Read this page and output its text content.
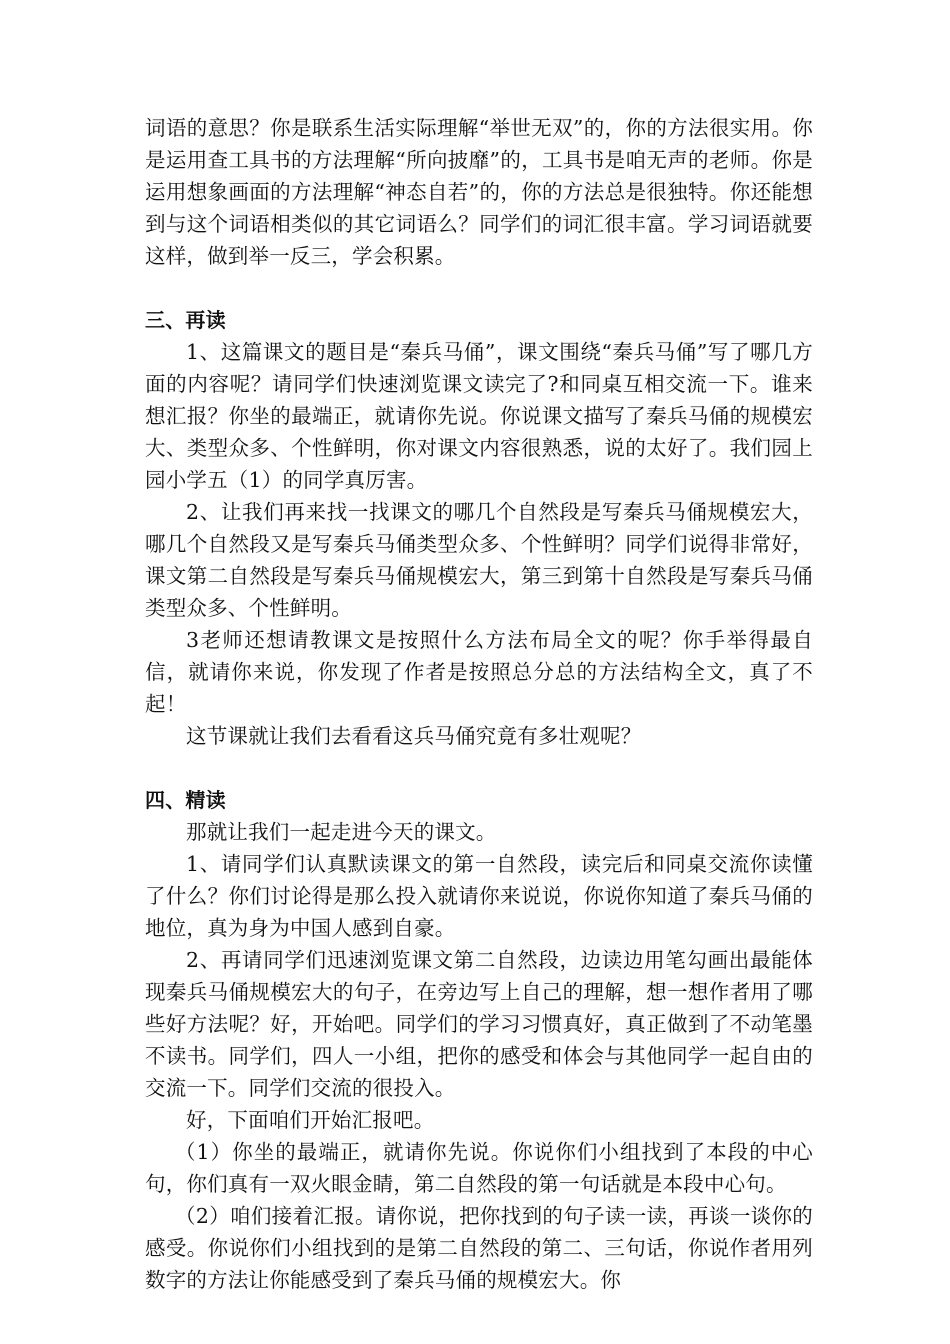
词语的意思？你是联系生活实际理解“举世无双”的，你的方法很实用。你是运用查工具书的方法理解“所向披靡”的，工具书是咱无声的老师。你是运用想象画面的方法理解“神态自若”的，你的方法总是很独特。你还能想到与这个词语相类似的其它词语么？同学们的词汇很丰富。学习词语就要这样，做到举一反三，学会积累。

三、再读

1、这篇课文的题目是“秦兵马俑”，课文围绕“秦兵马俑”写了哪几方面的内容呢？请同学们快速浏览课文读完了?和同桌互相交流一下。谁来想汇报？你坐的最端正，就请你先说。你说课文描写了秦兵马俑的规模宏大、类型众多、个性鲜明，你对课文内容很熟悉，说的太好了。我们园上园小学五（1）的同学真厉害。

2、让我们再来找一找课文的哪几个自然段是写秦兵马俑规模宏大，哪几个自然段又是写秦兵马俑类型众多、个性鲜明？同学们说得非常好，课文第二自然段是写秦兵马俑规模宏大，第三到第十自然段是写秦兵马俑类型众多、个性鲜明。

3老师还想请教课文是按照什么方法布局全文的呢？你手举得最自信，就请你来说，你发现了作者是按照总分总的方法结构全文，真了不起！

这节课就让我们去看看这兵马俑究竟有多壮观呢？

四、精读

那就让我们一起走进今天的课文。

1、请同学们认真默读课文的第一自然段，读完后和同桌交流你读懂了什么？你们讨论得是那么投入就请你来说说，你说你知道了秦兵马俑的地位，真为身为中国人感到自豪。

2、再请同学们迅速浏览课文第二自然段，边读边用笔勾画出最能体现秦兵马俑规模宏大的句子，在旁边写上自己的理解，想一想作者用了哪些好方法呢？好，开始吧。同学们的学习习惯真好，真正做到了不动笔墨不读书。同学们，四人一小组，把你的感受和体会与其他同学一起自由的交流一下。同学们交流的很投入。

好，下面咱们开始汇报吧。

（1）你坐的最端正，就请你先说。你说你们小组找到了本段的中心句，你们真有一双火眼金睛，第二自然段的第一句话就是本段中心句。

（2）咱们接着汇报。请你说，把你找到的句子读一读，再谈一谈你的感受。你说你们小组找到的是第二自然段的第二、三句话，你说作者用列数字的方法让你能感受到了秦兵马俑的规模宏大。你
